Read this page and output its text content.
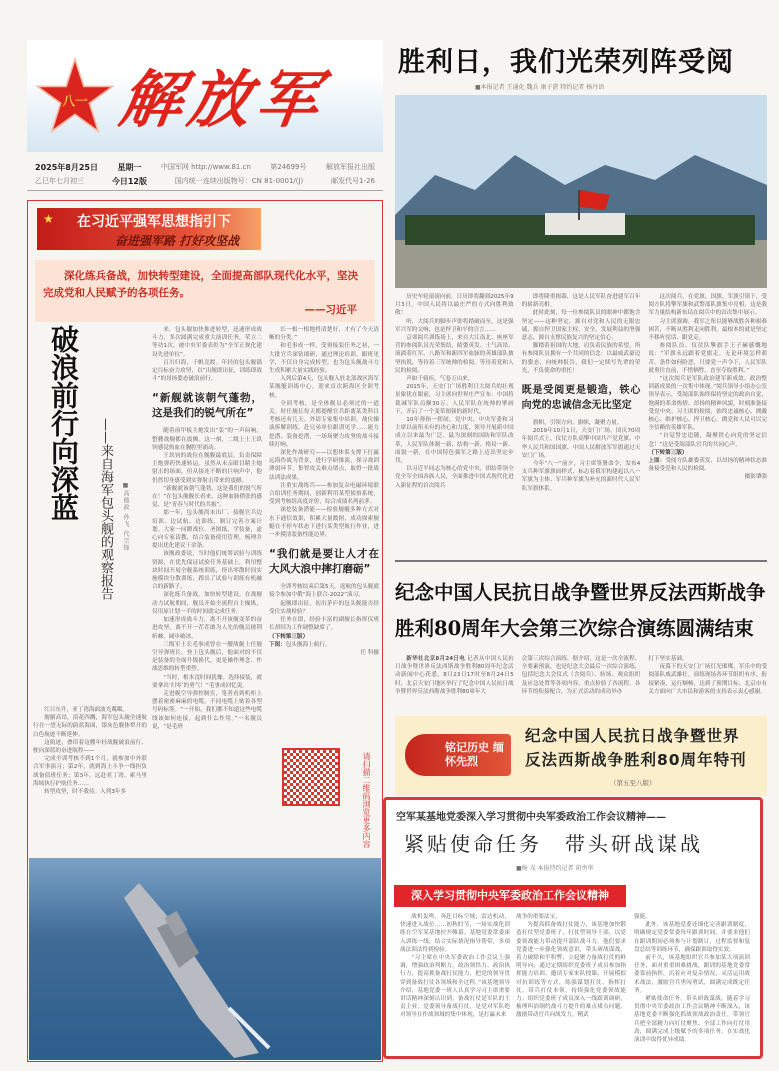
八一 解放军报
2025年8月25日 星期一	中国军网 http://www.81.cn	第24699号	解放军报社出版
乙巳年七月初三	今日12版	国内统一连续出版物号：CN 81-0001/(J)	邮发代号1-26
★ 在习近平强军思想指引下
奋进强军路 打好攻坚战
深化练兵备战，加快转型建设，全面提高部队现代化水平，坚决完成党和人民赋予的各项任务。
——习近平
破浪前行向深蓝	——来自海军包头舰的观察报告	■高德政 孙飞 代宗锋

红日东升，亚丁湾海面波光粼粼。

舰艏高昂，浪花四溅，海军包头舰全速航行在一望无际的蔚蓝海面，银灰色舰体犁开的白色航迹不断延伸。

这航迹，叠印着这艘年轻战舰破浪前行、驶向深蓝的奋进航程——

完成全训考核不到1个月，就参加中外联合军事演习；第2年，就到海上斗争一线担负战备值班任务；第3年，远赴亚丁湾、索马里海域执行护航任务……

转型攻坚，时不我待。入列3年多

来，包头舰加快推进转型，迅速形成战斗力，多次圆满完成重大演训任务，荣立二等功1次，被中央军委表彰为“全军正规化建设先进单位”。

百川归海，千帆竞渡。年轻的包头舰锚定目标奋力攻坚，以“出舰即出征，训练即战斗”的昂扬姿态破浪前行。

“新舰就该朝气蓬勃，这是我们的锐气所在”

随着前甲板主炮发出“轰”的一声闷响，整艘战舰都在震颤。这一刻，二级上士王玖钧感觉热血在胸腔里涌动。

王玖钧的战位在舰舰最底层，负责保障主炮弹药快速转运。虽然从未亲眼目睹主炮射击的场面，但从接连不断的巨响声中，他仍然切身感受到实弹射击带来的震撼。

“新舰就该朝气蓬勃，这是我们的锐气所在！”在包头舰舰长看来，这种血脉偾张的感觉，是“青春与时代的共振”。

那一年，包头舰尚未出厂。接舰官兵边培训、边试航、边训练，制订完善方案计划。大家一同蹲战位、圣图纸、学装备，虚心向专家请教，结合装备使用管理，梳理并提出优化建议干余条。

该舰政委说，当时他们统筹试验与训练资源，在优先保证试验任务基础上，利用整块时间开展全舰系统训练，挤出零散时间实施模块分散训练，蹚出了试验与训练有机融合的新路子。

深化练兵备战，加快转型建设。在战舰动力试航期间，舰员开始全流程自主操纵，仅用原计划一半的时间就完成任务。

加速形成战斗力，离不开该舰变革的奋进攻坚，离不开一茬茬敢为人先的舰员披荆斩棘、阔步破冰。

三级军士长毛事成曾在一艘战舰上任舰空导弹班长。登上包头舰后，他面对的不仅是装备的全面升级换代，更是操作理念、作战思维的转型重塑。

“当时，根本没时间犹豫。选择接装，就要拿出‘归零’的勇气！”毛事成回忆说。

走进舰空导弹控制室，笔者看到机柜上摆着密密麻麻的电缆，不同电缆上贴着各型号码标签。“一开始，我们都不知道这些电缆线该如何连接，起到什么作用。”一名舰员说，“是毛班

长一根一根地捋清楚好，才有了今天清晰的分类。”

和毛事成一样，受领接装任务之初，一大批官兵深钻细研，通过理论培训、跟班见学，不仅自身完成转型，也为包头舰战斗力生成积累大量实践经验。

入列后第4天，包头舰入驻北部战区海军某舰艇训练中心，迎来首次跨海区全训考核。

全训考核，是全体舰员必须过的一道关。时任舰长每天都提醒官兵距离某类科目考核还有几天。外请专家集中培训，战位操演拆解训练，赴兄弟单位跟训见学……能力挖潜、装备挖潜，一场场聚力攻坚的战斗接续打响。

深化作战研究——以想体系支撑下打赢远海作战为背景，进行学研推演，探寻战训薄弱环节，集智攻关难点堵点，取得一批战法训法成果。

注重实战练兵——参加复杂电磁环境联合组训任务期间，创新利用某型侦察系统，受到考核组高度评价，综合成绩名列前茅。

深挖装备潜能——检验舰艇多种方式对水下通信效果，积累大量数据，成功探索舰艇在不停车状态下进行某类型航行作业，进一步摸清装备性能边界。

“我们就是要让人才在大风大浪中摔打磨砺”

全训考核结束后第5天，返航的包头舰就接令参加中俄“海上联合-2022”演习。

起舰即出征，初出茅庐的包头舰能否经受住实战检验？

任务在即，经验丰富的副舰长指挥仪班长却因为工作调整缺席了。

（下转第三版）
下图：包头舰海上航行。
任 科摄
请扫描二维码浏览更多内容
胜利日，我们光荣列阵受阅
■本报记者 王通化 魏兵 康子湛 特约记者 杨丹语

历史车轮滚滚向前，日历即将翻到2025年9月3日，中国人民将以最庄严的方式向胜利致敬！

听，大阅兵的脚步声即将踏破而至，这是强军兴军的交响，也是捍卫和平的宣言……

京郊阅兵训练场上，来自大江南北、座座军营的参阅队员光荣集结，睛姿英发、士气高昂。流淌着红军、八路军和新四军血脉的英雄部队披坚执锐，等待着三军统帅的检阅，等待着党和人民的检阅。

声如千骑疾，气卷万山来。

2015年，天安门广场胜利日大阅兵的壮观景象犹在眼前，习主席向世界庄严宣布：中国将裁减军队员额30万。人民军队在统帅的擘画下，开启了一个变革图强的新时代。

10年弹指一挥间，党中央、中央军委和习主席以前所未有的决心和力度，领导开展新中国成立以来最为广泛、最为深刻的国防和军队改革，人民军队体制一新、结构一新、格局一新、面貌一新，在中国特色强军之路上迈出坚定步伐。

以习近平同志为核心的党中央，团结带领全党全军全国各族人民，全面推进中国式现代化进入新征程的首次阅兵

即将隆重揭幕，这是人民军队奋进建军百年的崭新亮相。

此时此刻，每一位参阅队员的眼神中都饱含坚定——这种坚定，源自对党和人民的无限忠诚，源自捍卫国家主权、安全、发展利益的坚强意志，源自支撑民族复兴的坚定信心。

脚踏着祖国的大地，肩负着民族的希望，所有参阅队员拥有一个共同的信念：以最威武豪迈的姿态，向统帅报告，我们一定续写先辈的荣光，不负使命的重托！

既是受阅更是锻造，铁心向党的忠诚信念无比坚定

旗帜，引领方向。旗帜，凝聚力量。

2019年10月1日，天安门广场，国庆70周年阅兵式上，仪仗方队高擎中国共产党党旗、中华人民共和国国旗、中国人民解放军军旗通过天安门广场。

今年“八一”前夕，习主席签署命令，发布4支兵种军旗旗面样式，标志着我军构建起以八一军旗为主体、军兵种军旗为补充的新时代人民军队军旗体系。

这次阅兵，在党旗、国旗、军旗引领下，受阅方队将擎军旗和武警部队旗集中亮相，这是我军力量结构新布局在阅兵中的首次集中展示。

习主席强调，我军之所以能够战胜各种艰难困苦，不断从胜利走向胜利，最根本的就是坚定不移听党话、跟党走。

参阅队员、仪仗队擎旗手王子赫感慨地说：“军旗永远跟着党旗走。无论环境怎样艰苦、条件如何险恶，只要党一声令下，人民军队就勇往直前，不惜牺牲，直至夺取胜利。”

“这次阅兵是军队政治建军新成效、政治整训新成果的一次集中体现。”阅兵领导小组办公室领导表示，受阅部队始终保持坚定的政治自觉、饱满的革命热情、昂扬的精神风貌，时刻准备接受党中央、习主席的检阅，始终忠诚核心、拥戴核心、维护核心、捍卫核心，做党和人民可以完全信赖的英雄军队。

“自觉誓忠追随，凝聚铁心向党的坚定信念！”这是受阅部队官兵的共同心声。

（下转第三版）
上图：受阅方队雄姿英发，以昂扬的精神状态准备接受党和人民的检阅。
摄影肇强
纪念中国人民抗日战争暨世界反法西斯战争胜利80周年大会第三次综合演练圆满结束

新华社北京8月24日电 记者从中国人民抗日战争暨世界反法西斯战争胜利80周年纪念活动新闻中心获悉，8月23日17时至8月24日5时，北京天安门地区举行了纪念中国人民抗日战争暨世界反法西斯战争胜利80周年大

会第三次综合演练。据介绍，这是一次全流程、全要素预演，也是纪念大会最后一次综合演练，包括纪念大会仪式（含阅兵）、转场、观众组织及应急处置等各项内容，重点检验了各流程、各环节的衔接配合，为正式活动的成功举办
打下坚实基础。

夜幕下的天安门广场灯光璀璨，军乐中的受阅部队威武雄壮。演练现场各环节组织有序，衔接紧凑，运行顺畅，达到了预期目标。北京市有关方面向广大市民和游客的支持表示衷心感谢。

铭记历史 缅怀先烈
纪念中国人民抗日战争暨世界
反法西斯战争胜利80周年特刊
（第五至八版）
空军某基地党委深入学习贯彻中央军委政治工作会议精神——
紧贴使命任务　带头研战谋战
■杨 戎 本报特约记者 胡勇华
深入学习贯彻中央军委政治工作会议精神

战机轰鸣，奔赴目标空域；雷达机动，快速进入战位……初秋时节，一场实战化训练在空军某基地拉开帷幕。基地党委常委深入训练一线，结合实际情况指导帮带，多项战法训法得到检验。

“习主席在中央军委政治工作会议上强调，增强政治判断力、政治领悟力、政治执行力，提高抓备战打仗能力，把党的领导贯穿到备战打仗各领域和全过程。”该基地领导介绍，基地党委一班人认真学习习主席重要讲话精神深刻认识到，备战打仗是军队的主责主业，党委领导备战打仗，是党对军队绝对领导在作战领域的集中体现，是打赢未来

战争的重要法宝。

为提高抓备战打仗能力，该基地加快锻造打仗型党委班子，打仗型领导干部，以党委领战能力带动提升部队战斗力。他们要求党委进一步强化领战意识，带头研战谋战，着力破除和平积弊，立起聚力备战打仗的鲜明导向；通过定期组织党委班子成员参加指挥能力培训、邀请专家来队授课、开展模拟对抗训练等方式，练强谋划打仗、指挥打仗、带兵打仗本领，持续强化党委领战能力；组织党委班子成员深入一线跟训调研，梳理纠治制约战斗力提升的难点堵点问题，激励带动官兵向战发力，精武

强能。

此外，该基地党委还细化完善跟训制度，明确规定党委常委每年跟训时间，并要求他们在跟训期间必须参与计划制订、过程监督和复盘总结等训练环节，确保跟训取得实效。

前不久，该基地组织官兵参加某大项演训任务，面对重重困难挑战，跟训的基地党委常委靠前指挥，沉着应对复杂情况，灵活运用战术战法，激励官兵勇闯勇试，圆满完成既定任务。

紧贴使命任务，带头研战谋战。随着学习贯彻中央军委政治工作会议精神不断深入，该基地党委不断强化抓战领战政治责任，带领官兵把全部精力向打仗聚焦、全部工作向打仗用劲，圆满完成上级赋予的多项任务，在实战化演训中取得优异成绩。
